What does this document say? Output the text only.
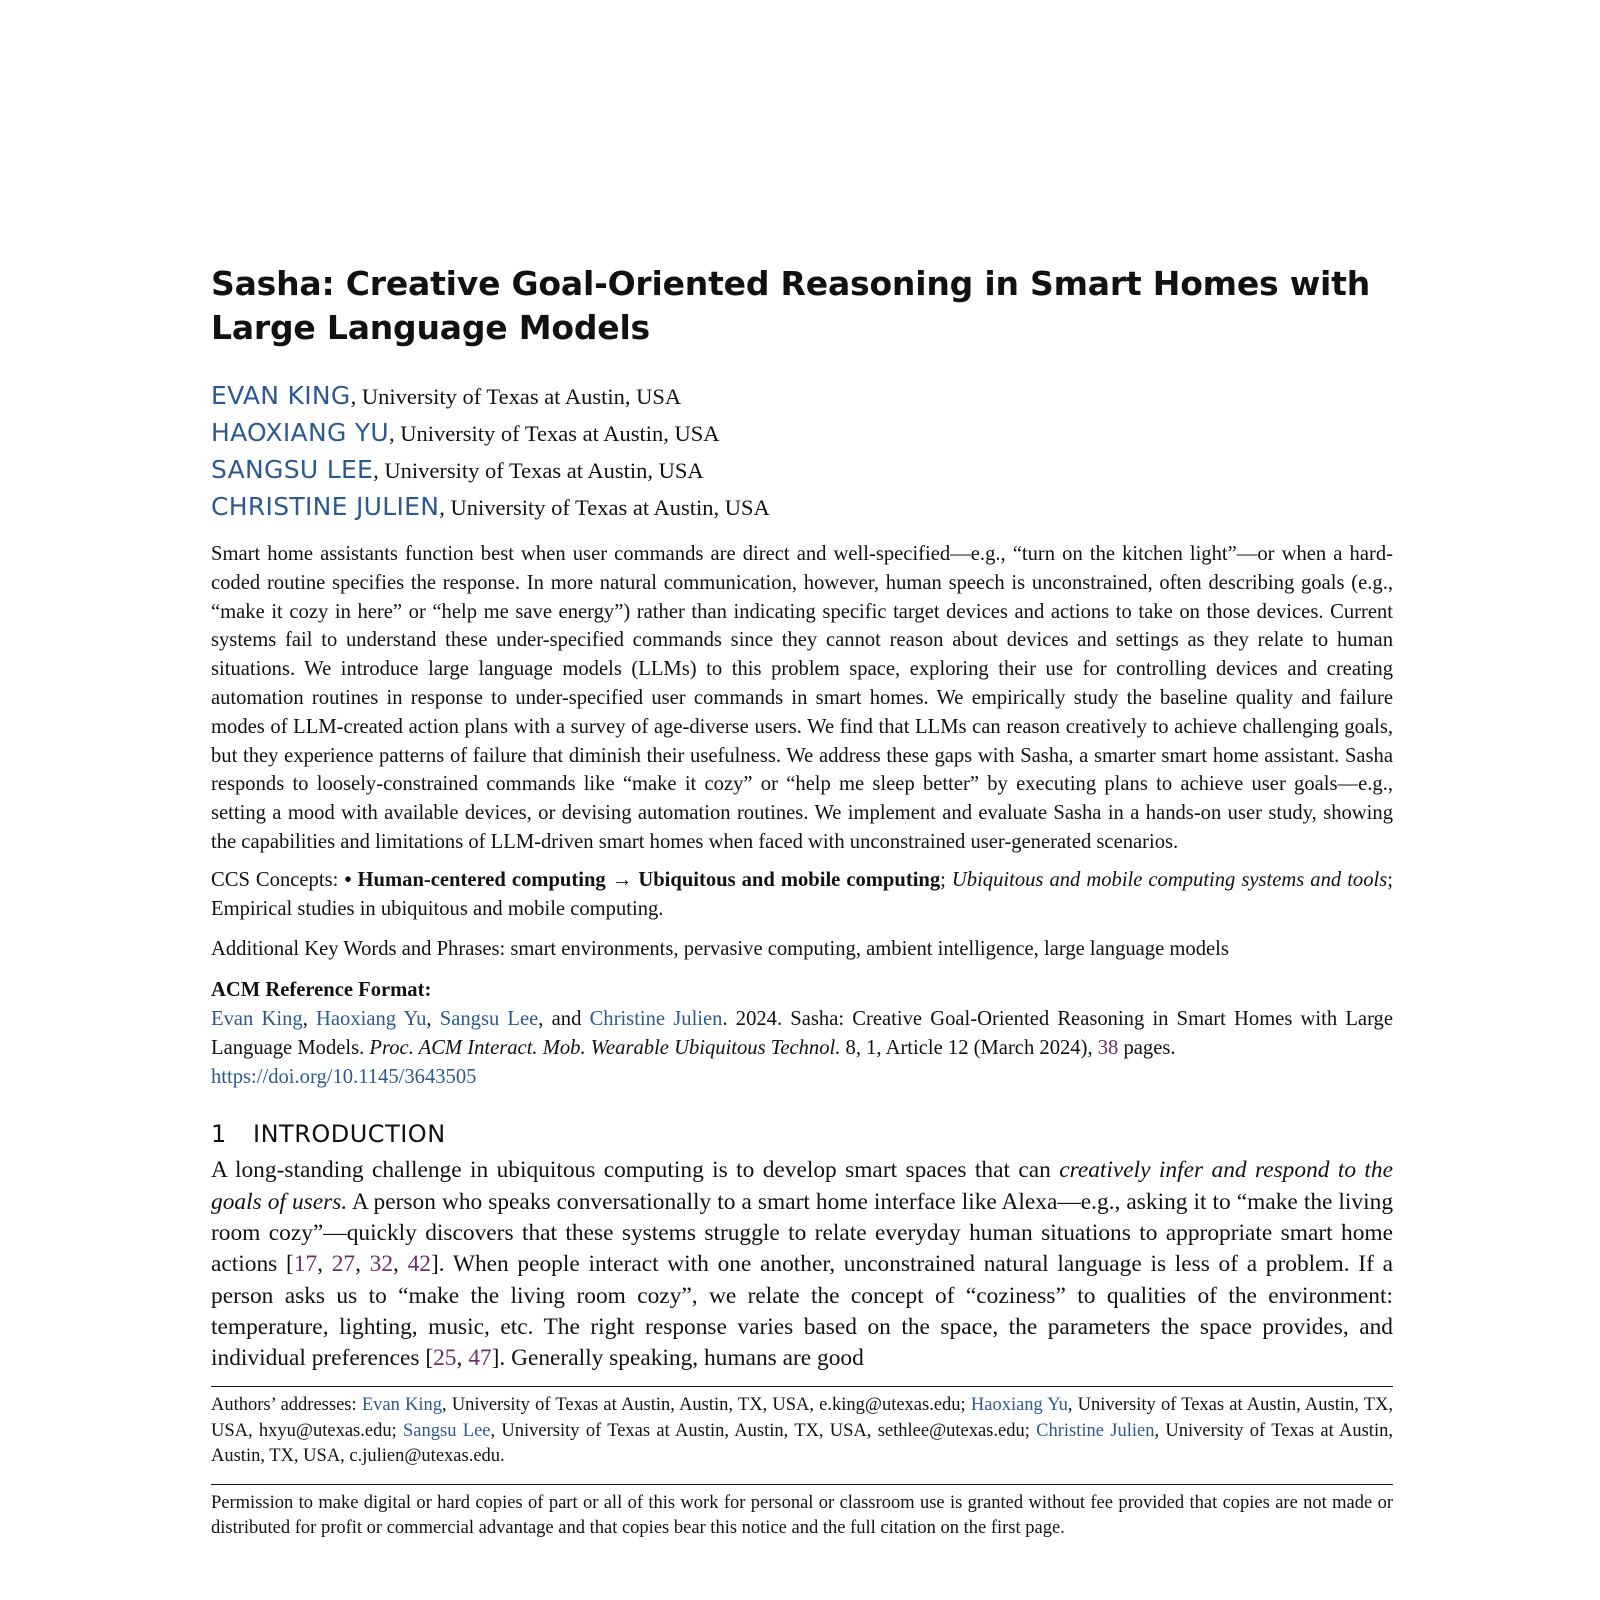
Sasha: Creative Goal-Oriented Reasoning in Smart Homes with Large Language Models
EVAN KING, University of Texas at Austin, USA
HAOXIANG YU, University of Texas at Austin, USA
SANGSU LEE, University of Texas at Austin, USA
CHRISTINE JULIEN, University of Texas at Austin, USA
Smart home assistants function best when user commands are direct and well-specified—e.g., “turn on the kitchen light”—or when a hard-coded routine specifies the response. In more natural communication, however, human speech is unconstrained, often describing goals (e.g., “make it cozy in here” or “help me save energy”) rather than indicating specific target devices and actions to take on those devices. Current systems fail to understand these under-specified commands since they cannot reason about devices and settings as they relate to human situations. We introduce large language models (LLMs) to this problem space, exploring their use for controlling devices and creating automation routines in response to under-specified user commands in smart homes. We empirically study the baseline quality and failure modes of LLM-created action plans with a survey of age-diverse users. We find that LLMs can reason creatively to achieve challenging goals, but they experience patterns of failure that diminish their usefulness. We address these gaps with Sasha, a smarter smart home assistant. Sasha responds to loosely-constrained commands like “make it cozy” or “help me sleep better” by executing plans to achieve user goals—e.g., setting a mood with available devices, or devising automation routines. We implement and evaluate Sasha in a hands-on user study, showing the capabilities and limitations of LLM-driven smart homes when faced with unconstrained user-generated scenarios.
CCS Concepts: • Human-centered computing → Ubiquitous and mobile computing; Ubiquitous and mobile computing systems and tools; Empirical studies in ubiquitous and mobile computing.
Additional Key Words and Phrases: smart environments, pervasive computing, ambient intelligence, large language models
ACM Reference Format:
Evan King, Haoxiang Yu, Sangsu Lee, and Christine Julien. 2024. Sasha: Creative Goal-Oriented Reasoning in Smart Homes with Large Language Models. Proc. ACM Interact. Mob. Wearable Ubiquitous Technol. 8, 1, Article 12 (March 2024), 38 pages.
https://doi.org/10.1145/3643505
1 INTRODUCTION
A long-standing challenge in ubiquitous computing is to develop smart spaces that can creatively infer and respond to the goals of users. A person who speaks conversationally to a smart home interface like Alexa—e.g., asking it to “make the living room cozy”—quickly discovers that these systems struggle to relate everyday human situations to appropriate smart home actions [17, 27, 32, 42]. When people interact with one another, unconstrained natural language is less of a problem. If a person asks us to “make the living room cozy”, we relate the concept of “coziness” to qualities of the environment: temperature, lighting, music, etc. The right response varies based on the space, the parameters the space provides, and individual preferences [25, 47]. Generally speaking, humans are good
Authors’ addresses: Evan King, University of Texas at Austin, Austin, TX, USA, e.king@utexas.edu; Haoxiang Yu, University of Texas at Austin, Austin, TX, USA, hxyu@utexas.edu; Sangsu Lee, University of Texas at Austin, Austin, TX, USA, sethlee@utexas.edu; Christine Julien, University of Texas at Austin, Austin, TX, USA, c.julien@utexas.edu.
Permission to make digital or hard copies of part or all of this work for personal or classroom use is granted without fee provided that copies are not made or distributed for profit or commercial advantage and that copies bear this notice and the full citation on the first page.
